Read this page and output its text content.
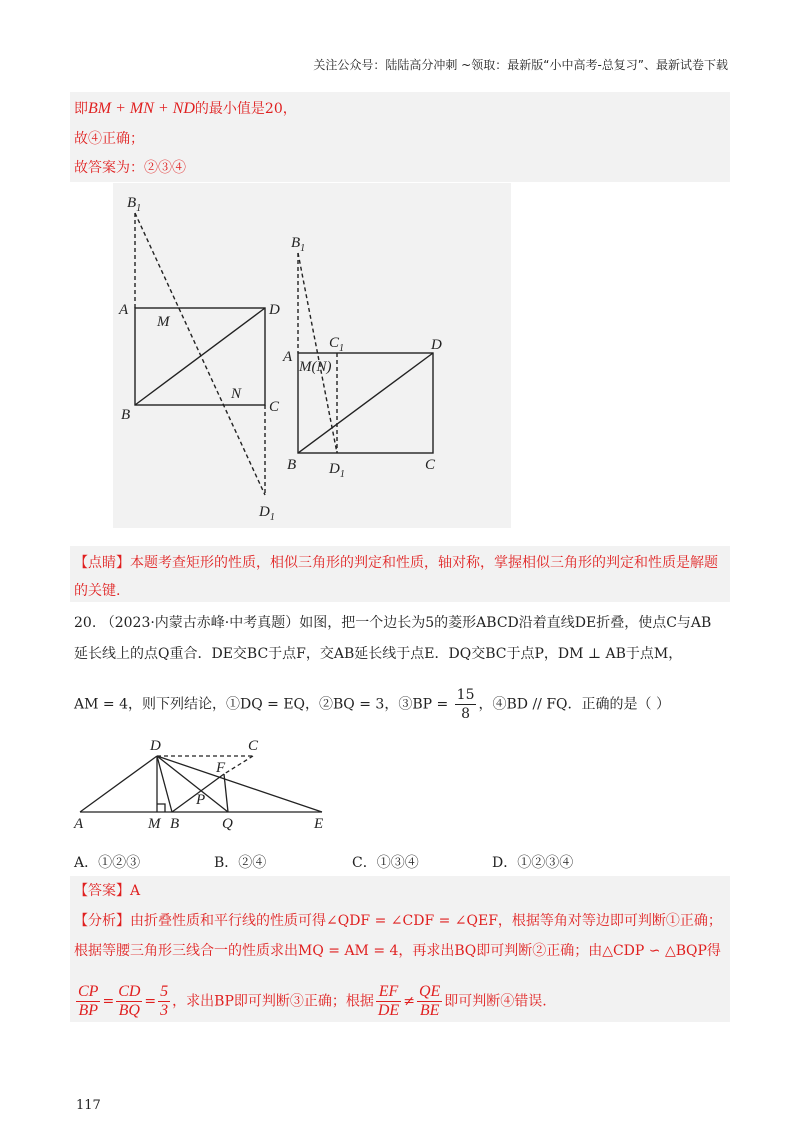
关注公众号：陆陆高分冲刺 ~领取：最新版“小中高考-总复习”、最新试卷下载
即BM + MN + ND的最小值是20，
故④正确；
故答案为：②③④
$B_1$
A
M
D
B
N
C
$D_1$
$B_1$
A
$C_1$	D
M(N)
B $D_1$
C
【点睛】本题考查矩形的性质，相似三角形的判定和性质，轴对称，掌握相似三角形的判定和性质是解题
的关键.
20. （2023·内蒙古赤峰·中考真题）如图，把一个边长为5的菱形ABCD沿着直线DE折叠，使点C与AB
延长线上的点Q重合．DE交BC于点F，交AB延长线于点E．DQ交BC于点P，DM ⊥ AB于点M，
AM = 4，则下列结论，①DQ = EQ，②BQ = 3，③BP = $\frac{15}{8}$ ，④BD // FQ．正确的是（ ）
D	C
F
P
A	M B	Q	E
A．①②③	B．②④	C．①③④	D．①②③④
【答案】A
【分析】由折叠性质和平行线的性质可得∠QDF = ∠CDF = ∠QEF，根据等角对等边即可判断①正确；
根据等腰三角形三线合一的性质求出MQ = AM = 4，再求出BQ即可判断②正确；由△CDP ∽ △BQP得
$\frac{CP}{BP} = \frac{CD}{BQ} = \frac{5}{3}$ ，求出BP即可判断③正确；根据 $\frac{EF}{DE} \ne \frac{QE}{BE}$ 即可判断④错误.
117
